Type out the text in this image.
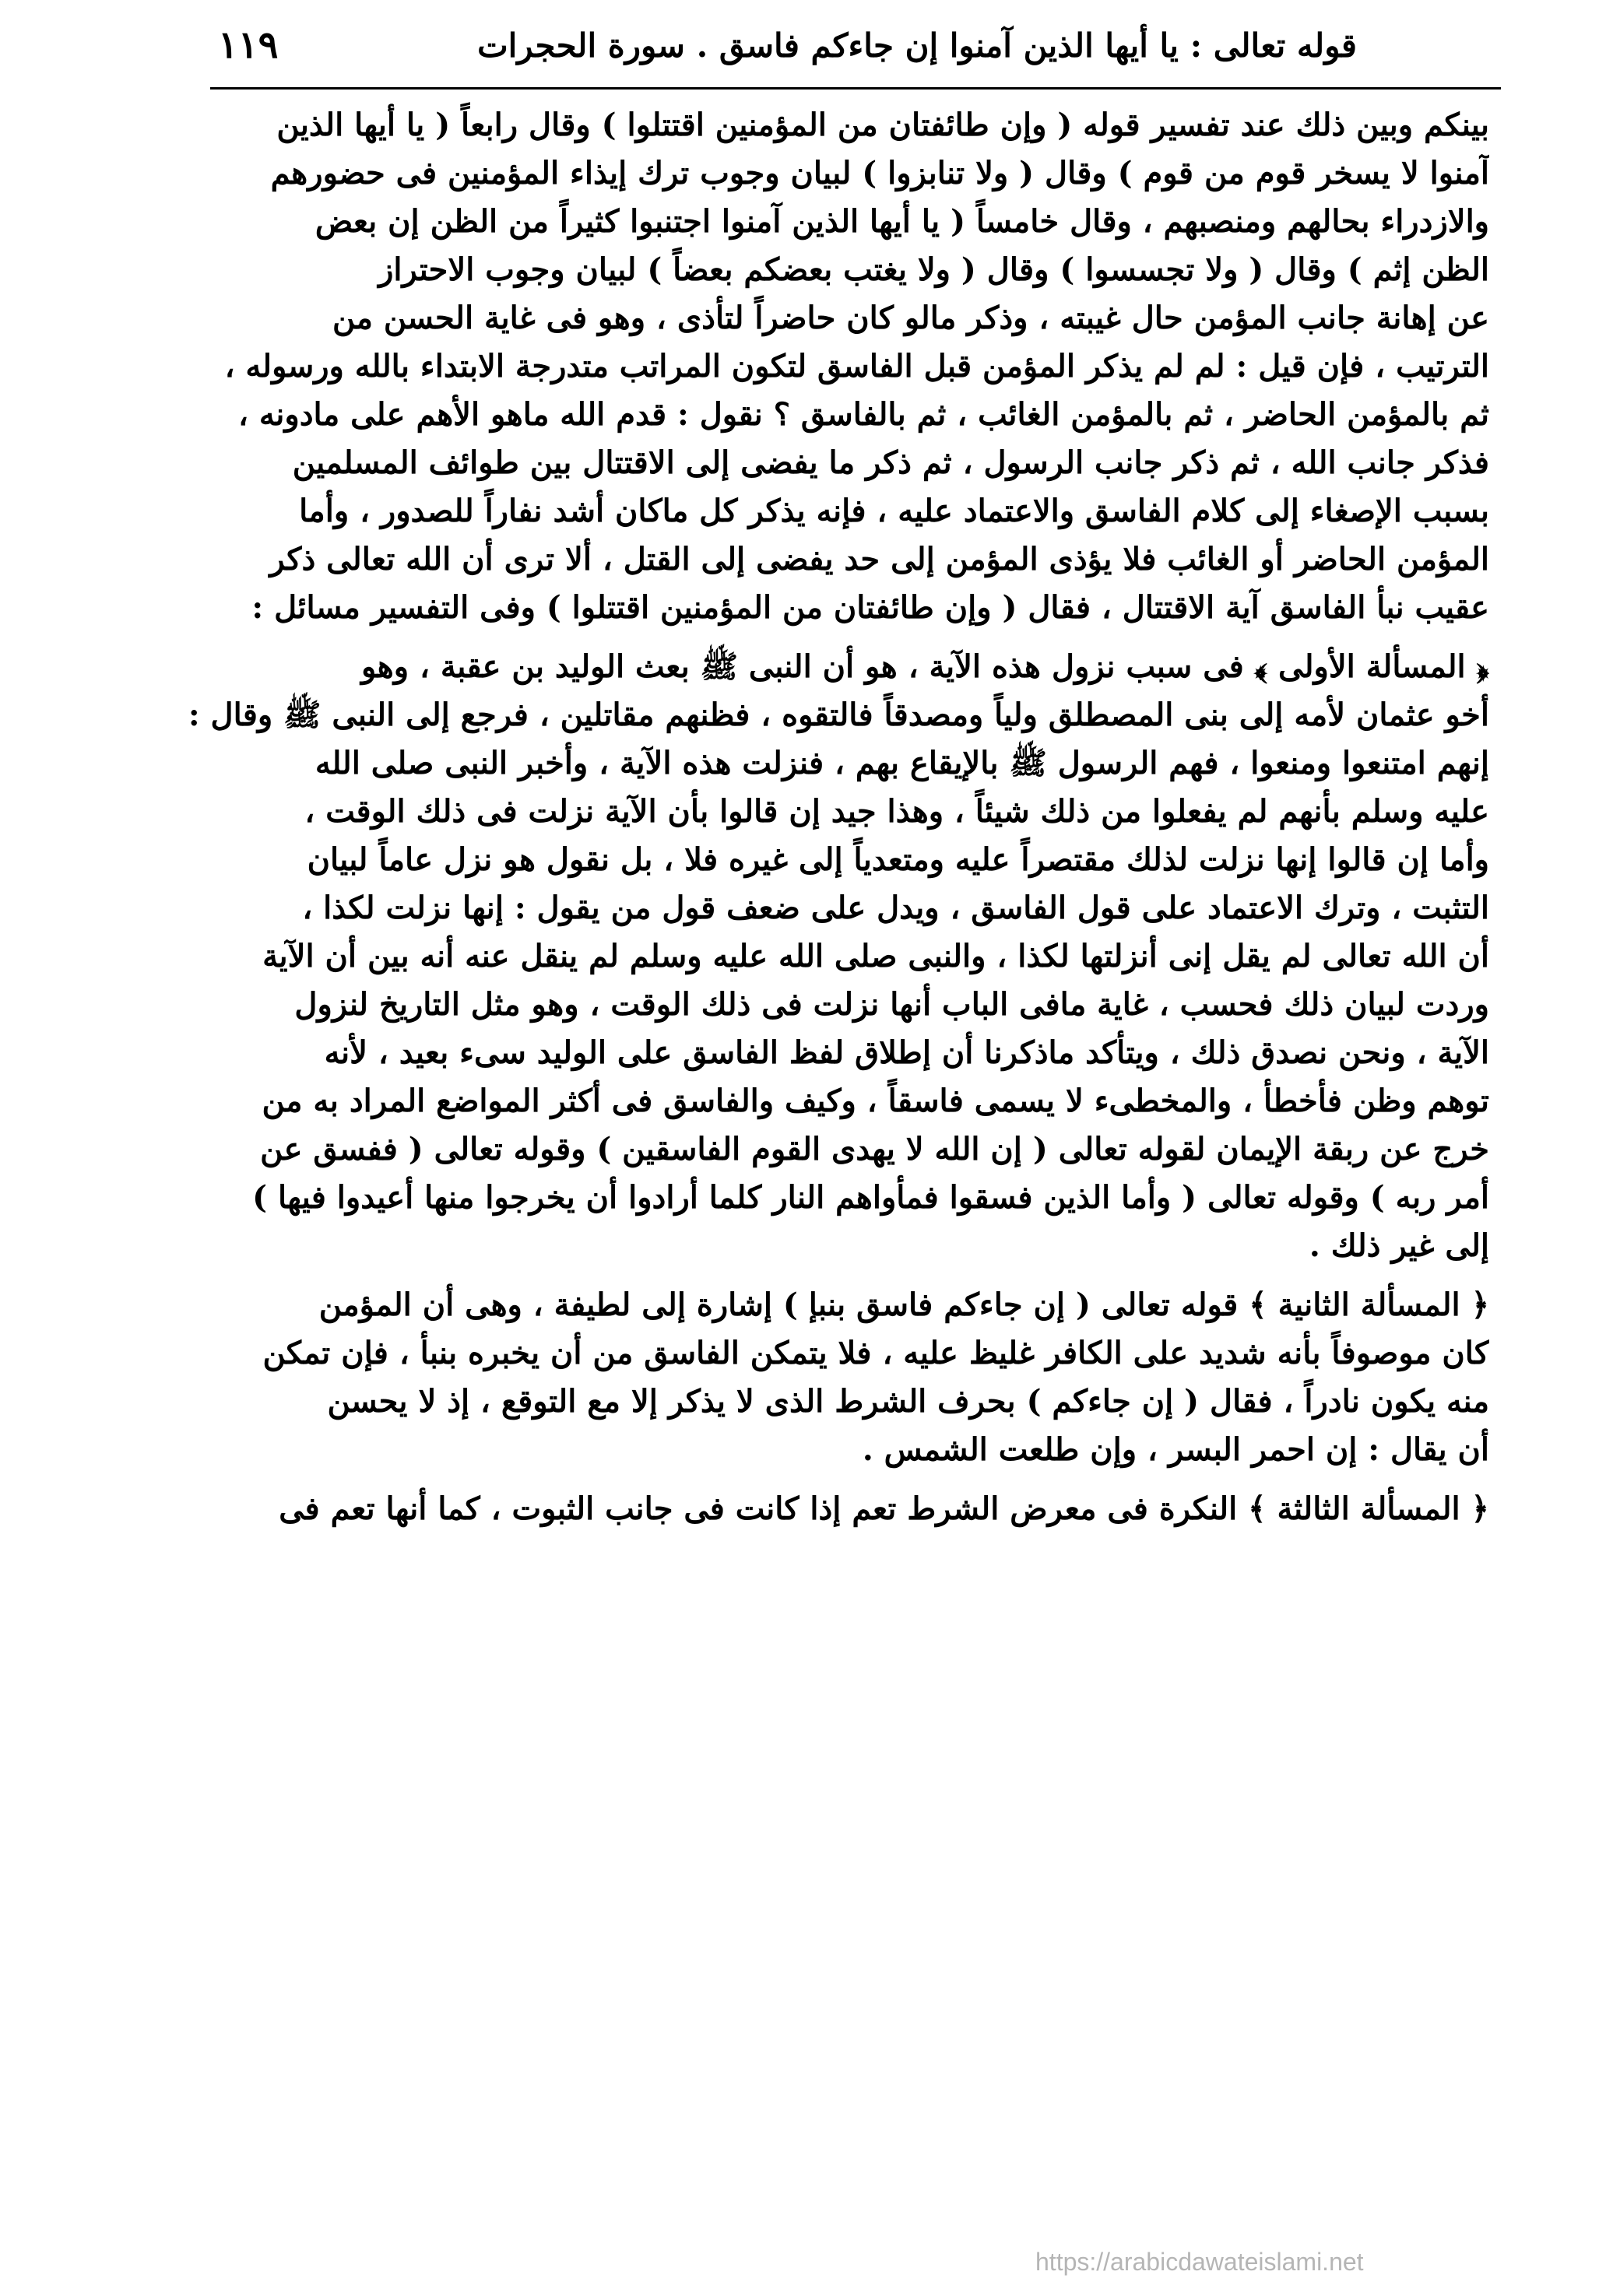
قوله تعالى : يا أيها الذين آمنوا إن جاءكم فاسق . سورة الحجرات
١١٩
بينكم وبين ذلك عند تفسير قوله ( وإن طائفتان من المؤمنين اقتتلوا ) وقال رابعاً ( يا أيها الذين
آمنوا لا يسخر قوم من قوم ) وقال ( ولا تنابزوا ) لبيان وجوب ترك إيذاء المؤمنين فى حضورهم
والازدراء بحالهم ومنصبهم ، وقال خامساً ( يا أيها الذين آمنوا اجتنبوا كثيراً من الظن إن بعض
الظن إثم ) وقال ( ولا تجسسوا ) وقال ( ولا يغتب بعضكم بعضاً ) لبيان وجوب الاحتراز
عن إهانة جانب المؤمن حال غيبته ، وذكر مالو كان حاضراً لتأذى ، وهو فى غاية الحسن من
الترتيب ، فإن قيل : لم لم يذكر المؤمن قبل الفاسق لتكون المراتب متدرجة الابتداء بالله ورسوله ،
ثم بالمؤمن الحاضر ، ثم بالمؤمن الغائب ، ثم بالفاسق ؟ نقول : قدم الله ماهو الأهم على مادونه ،
فذكر جانب الله ، ثم ذكر جانب الرسول ، ثم ذكر ما يفضى إلى الاقتتال بين طوائف المسلمين
بسبب الإصغاء إلى كلام الفاسق والاعتماد عليه ، فإنه يذكر كل ماكان أشد نفاراً للصدور ، وأما
المؤمن الحاضر أو الغائب فلا يؤذى المؤمن إلى حد يفضى إلى القتل ، ألا ترى أن الله تعالى ذكر
عقيب نبأ الفاسق آية الاقتتال ، فقال ( وإن طائفتان من المؤمنين اقتتلوا ) وفى التفسير مسائل :
﴿ المسألة الأولى ﴾ فى سبب نزول هذه الآية ، هو أن النبى ﷺ بعث الوليد بن عقبة ، وهو
أخو عثمان لأمه إلى بنى المصطلق ولياً ومصدقاً فالتقوه ، فظنهم مقاتلين ، فرجع إلى النبى ﷺ وقال :
إنهم امتنعوا ومنعوا ، فهم الرسول ﷺ بالإيقاع بهم ، فنزلت هذه الآية ، وأخبر النبى صلى الله
عليه وسلم بأنهم لم يفعلوا من ذلك شيئاً ، وهذا جيد إن قالوا بأن الآية نزلت فى ذلك الوقت ،
وأما إن قالوا إنها نزلت لذلك مقتصراً عليه ومتعدياً إلى غيره فلا ، بل نقول هو نزل عاماً لبيان
التثبت ، وترك الاعتماد على قول الفاسق ، ويدل على ضعف قول من يقول : إنها نزلت لكذا ،
أن الله تعالى لم يقل إنى أنزلتها لكذا ، والنبى صلى الله عليه وسلم لم ينقل عنه أنه بين أن الآية
وردت لبيان ذلك فحسب ، غاية مافى الباب أنها نزلت فى ذلك الوقت ، وهو مثل التاريخ لنزول
الآية ، ونحن نصدق ذلك ، ويتأكد ماذكرنا أن إطلاق لفظ الفاسق على الوليد سىء بعيد ، لأنه
توهم وظن فأخطأ ، والمخطىء لا يسمى فاسقاً ، وكيف والفاسق فى أكثر المواضع المراد به من
خرج عن ربقة الإيمان لقوله تعالى ( إن الله لا يهدى القوم الفاسقين ) وقوله تعالى ( ففسق عن
أمر ربه ) وقوله تعالى ( وأما الذين فسقوا فمأواهم النار كلما أرادوا أن يخرجوا منها أعيدوا فيها )
إلى غير ذلك .
﴿ المسألة الثانية ﴾ قوله تعالى ( إن جاءكم فاسق بنبإ ) إشارة إلى لطيفة ، وهى أن المؤمن
كان موصوفاً بأنه شديد على الكافر غليظ عليه ، فلا يتمكن الفاسق من أن يخبره بنبأ ، فإن تمكن
منه يكون نادراً ، فقال ( إن جاءكم ) بحرف الشرط الذى لا يذكر إلا مع التوقع ، إذ لا يحسن
أن يقال : إن احمر البسر ، وإن طلعت الشمس .
﴿ المسألة الثالثة ﴾ النكرة فى معرض الشرط تعم إذا كانت فى جانب الثبوت ، كما أنها تعم فى
https://arabicdawateislami.net
